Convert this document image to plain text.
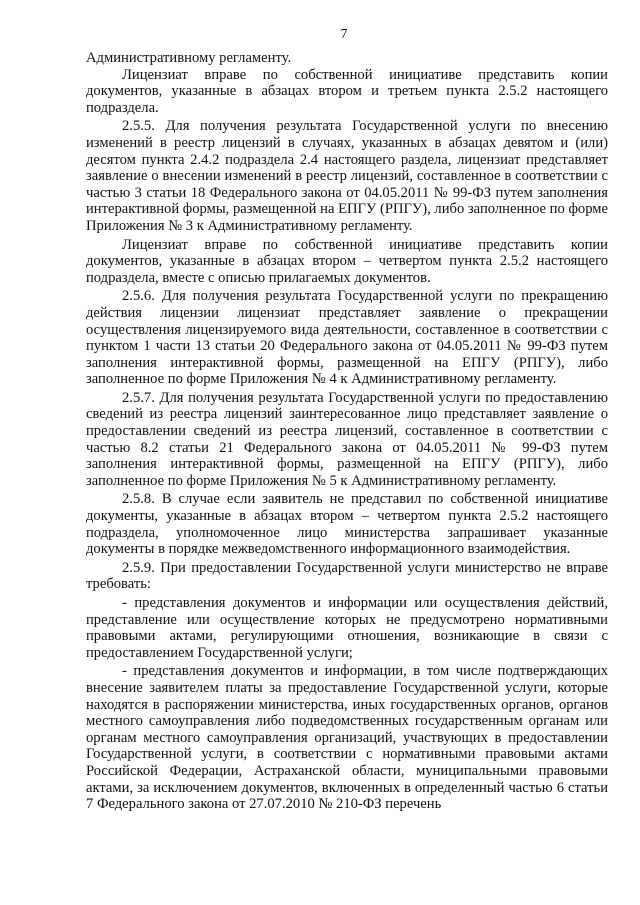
7

Административному регламенту.

Лицензиат вправе по собственной инициативе представить копии документов, указанные в абзацах втором и третьем пункта 2.5.2 настоящего подраздела.

2.5.5. Для получения результата Государственной услуги по внесению изменений в реестр лицензий в случаях, указанных в абзацах девятом и (или) десятом пункта 2.4.2 подраздела 2.4 настоящего раздела, лицензиат представляет заявление о внесении изменений в реестр лицензий, составленное в соответствии с частью 3 статьи 18 Федерального закона от 04.05.2011 № 99-ФЗ путем заполнения интерактивной формы, размещенной на ЕПГУ (РПГУ), либо заполненное по форме Приложения № 3 к Административному регламенту.

Лицензиат вправе по собственной инициативе представить копии документов, указанные в абзацах втором – четвертом пункта 2.5.2 настоящего подраздела, вместе с описью прилагаемых документов.

2.5.6. Для получения результата Государственной услуги по прекращению действия лицензии лицензиат представляет заявление о прекращении осуществления лицензируемого вида деятельности, составленное в соответствии с пунктом 1 части 13 статьи 20 Федерального закона от 04.05.2011 № 99-ФЗ путем заполнения интерактивной формы, размещенной на ЕПГУ (РПГУ), либо заполненное по форме Приложения № 4 к Административному регламенту.

2.5.7. Для получения результата Государственной услуги по предоставлению сведений из реестра лицензий заинтересованное лицо представляет заявление о предоставлении сведений из реестра лицензий, составленное в соответствии с частью 8.2 статьи 21 Федерального закона от 04.05.2011 № 99-ФЗ путем заполнения интерактивной формы, размещенной на ЕПГУ (РПГУ), либо заполненное по форме Приложения № 5 к Административному регламенту.

2.5.8. В случае если заявитель не представил по собственной инициативе документы, указанные в абзацах втором – четвертом пункта 2.5.2 настоящего подраздела, уполномоченное лицо министерства запрашивает указанные документы в порядке межведомственного информационного взаимодействия.

2.5.9. При предоставлении Государственной услуги министерство не вправе требовать:

- представления документов и информации или осуществления действий, представление или осуществление которых не предусмотрено нормативными правовыми актами, регулирующими отношения, возникающие в связи с предоставлением Государственной услуги;

- представления документов и информации, в том числе подтверждающих внесение заявителем платы за предоставление Государственной услуги, которые находятся в распоряжении министерства, иных государственных органов, органов местного самоуправления либо подведомственных государственным органам или органам местного самоуправления организаций, участвующих в предоставлении Государственной услуги, в соответствии с нормативными правовыми актами Российской Федерации, Астраханской области, муниципальными правовыми актами, за исключением документов, включенных в определенный частью 6 статьи 7 Федерального закона от 27.07.2010 № 210-ФЗ перечень
